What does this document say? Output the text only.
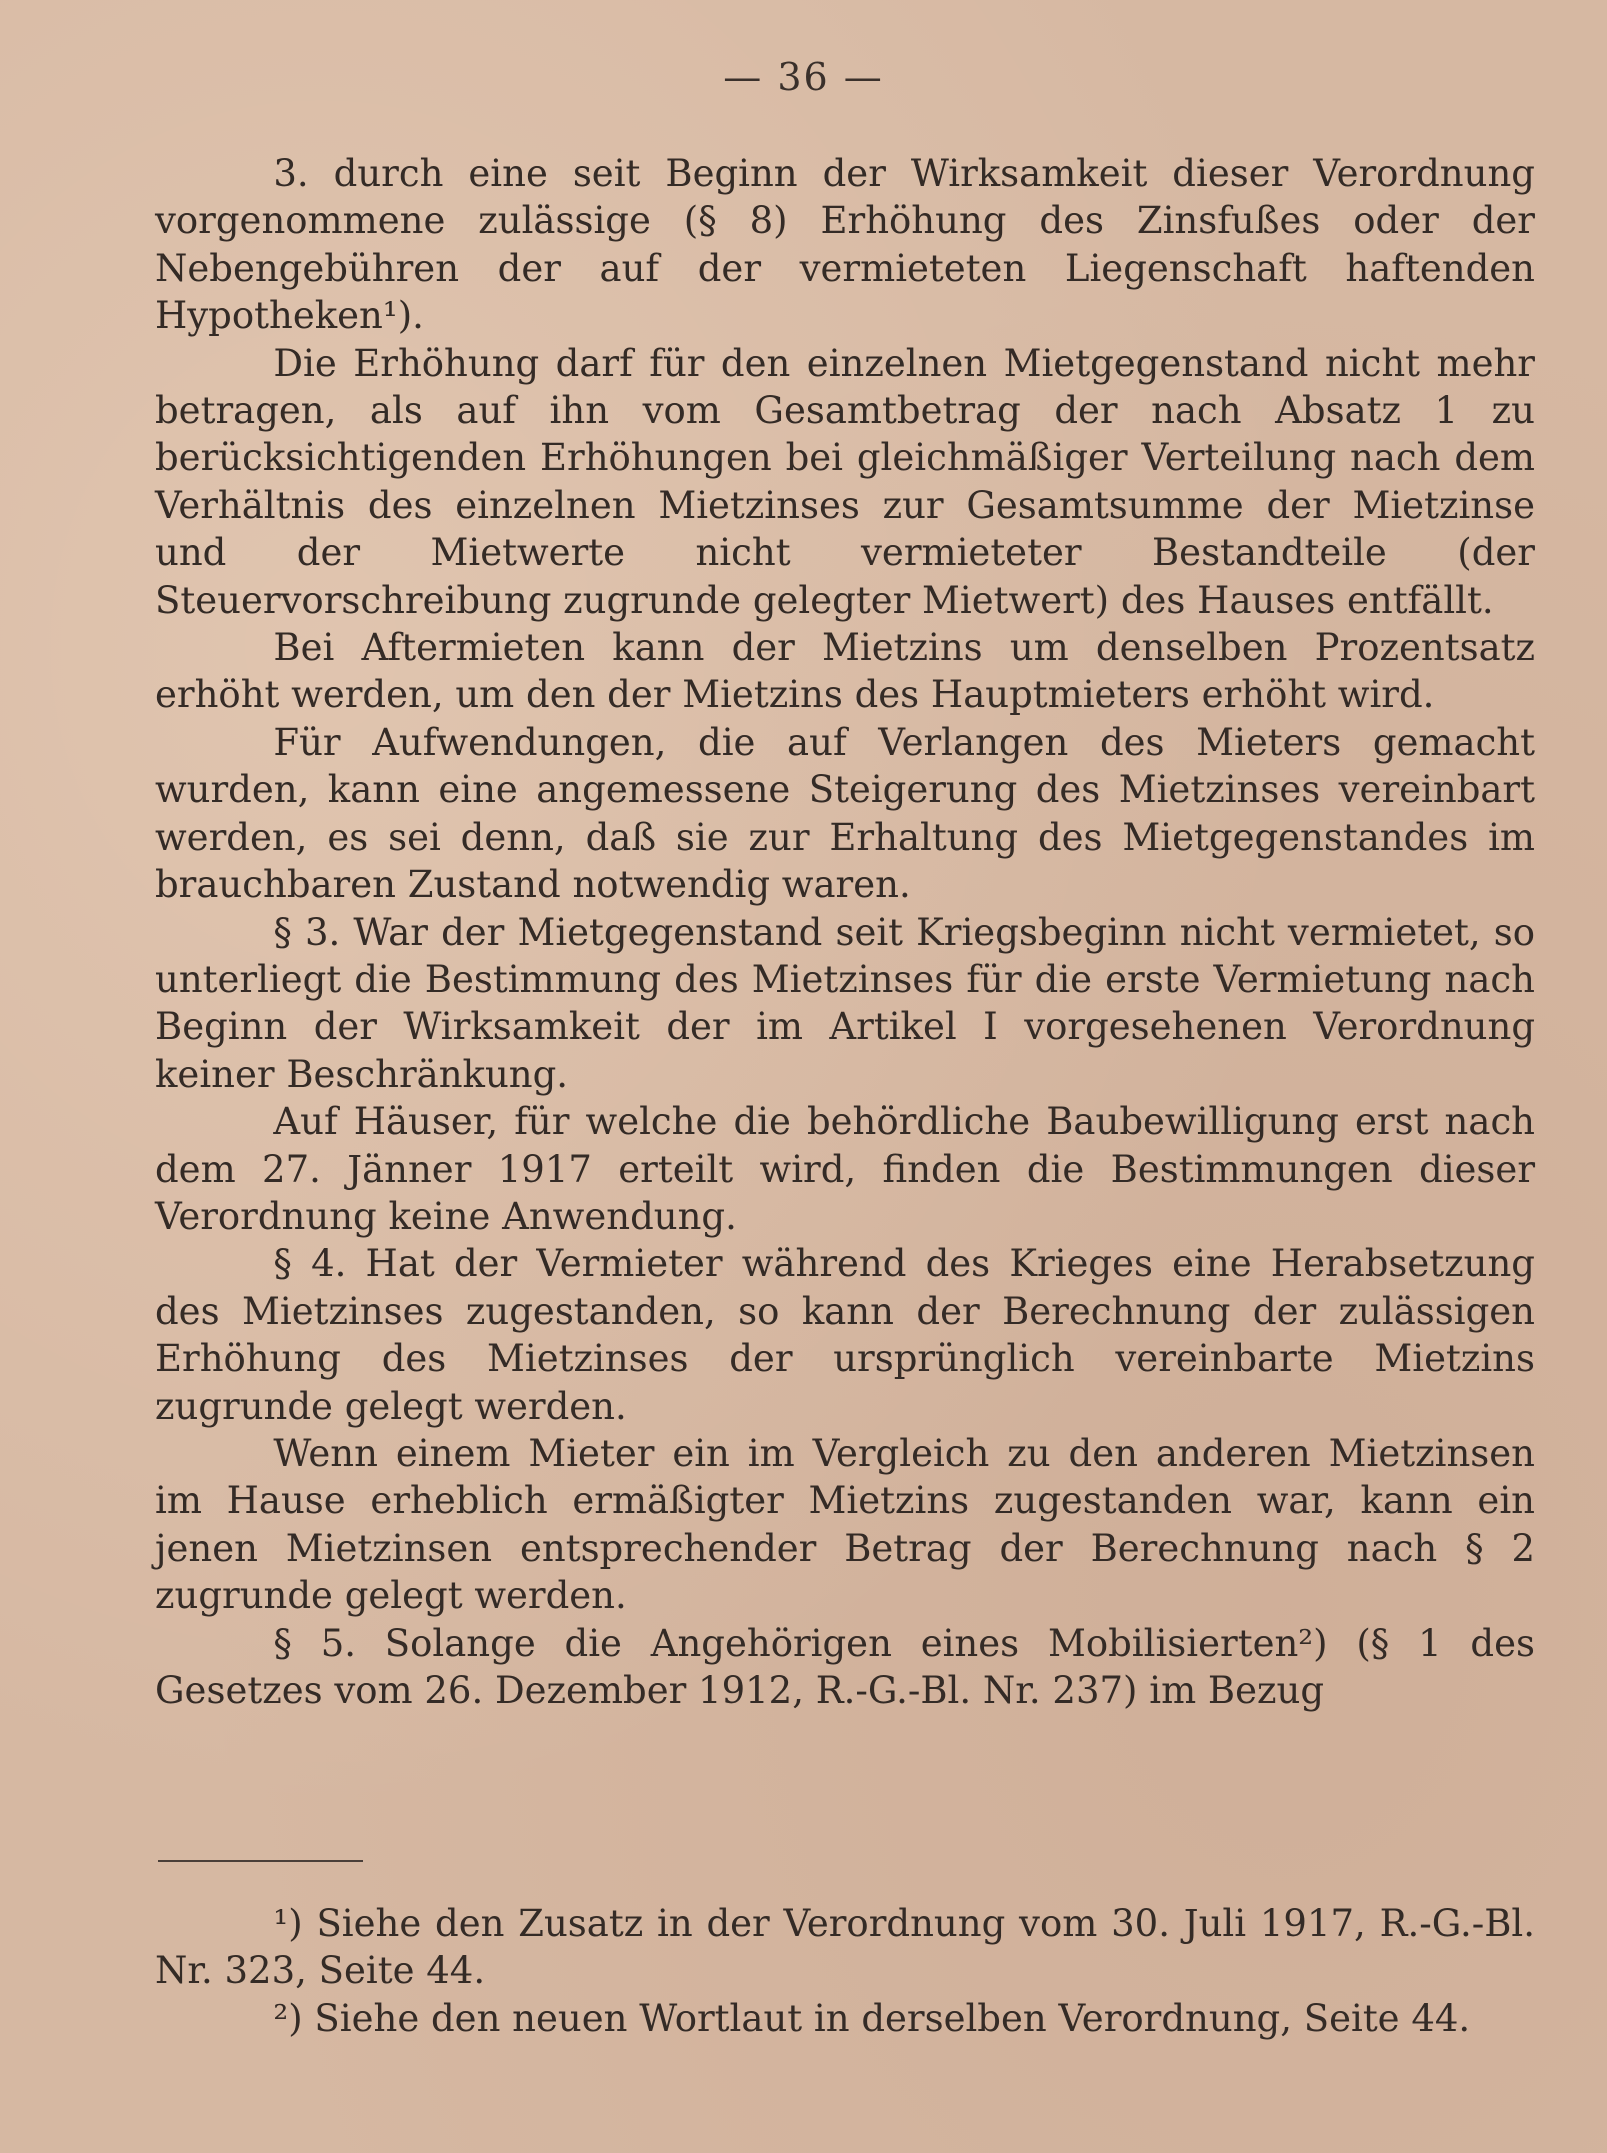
— 36 —

3. durch eine seit Beginn der Wirksamkeit dieser Verordnung vorgenommene zulässige (§ 8) Erhöhung des Zinsfußes oder der Nebengebühren der auf der vermieteten Liegenschaft haftenden Hypotheken¹).

Die Erhöhung darf für den einzelnen Mietgegenstand nicht mehr betragen, als auf ihn vom Gesamtbetrag der nach Absatz 1 zu berücksichtigenden Erhöhungen bei gleichmäßiger Verteilung nach dem Verhältnis des einzelnen Mietzinses zur Gesamtsumme der Mietzinse und der Mietwerte nicht vermieteter Bestandteile (der Steuervorschreibung zugrunde gelegter Mietwert) des Hauses entfällt.

Bei Aftermieten kann der Mietzins um denselben Prozentsatz erhöht werden, um den der Mietzins des Hauptmieters erhöht wird.

Für Aufwendungen, die auf Verlangen des Mieters gemacht wurden, kann eine angemessene Steigerung des Mietzinses vereinbart werden, es sei denn, daß sie zur Erhaltung des Mietgegenstandes im brauchbaren Zustand notwendig waren.

§ 3. War der Mietgegenstand seit Kriegsbeginn nicht vermietet, so unterliegt die Bestimmung des Mietzinses für die erste Vermietung nach Beginn der Wirksamkeit der im Artikel I vorgesehenen Verordnung keiner Beschränkung.

Auf Häuser, für welche die behördliche Baubewilligung erst nach dem 27. Jänner 1917 erteilt wird, finden die Bestimmungen dieser Verordnung keine Anwendung.

§ 4. Hat der Vermieter während des Krieges eine Herabsetzung des Mietzinses zugestanden, so kann der Berechnung der zulässigen Erhöhung des Mietzinses der ursprünglich vereinbarte Mietzins zugrunde gelegt werden.

Wenn einem Mieter ein im Vergleich zu den anderen Mietzinsen im Hause erheblich ermäßigter Mietzins zugestanden war, kann ein jenen Mietzinsen entsprechender Betrag der Berechnung nach § 2 zugrunde gelegt werden.

§ 5. Solange die Angehörigen eines Mobilisierten²) (§ 1 des Gesetzes vom 26. Dezember 1912, R.-G.-Bl. Nr. 237) im Bezug

¹) Siehe den Zusatz in der Verordnung vom 30. Juli 1917, R.-G.-Bl. Nr. 323, Seite 44.

²) Siehe den neuen Wortlaut in derselben Verordnung, Seite 44.
